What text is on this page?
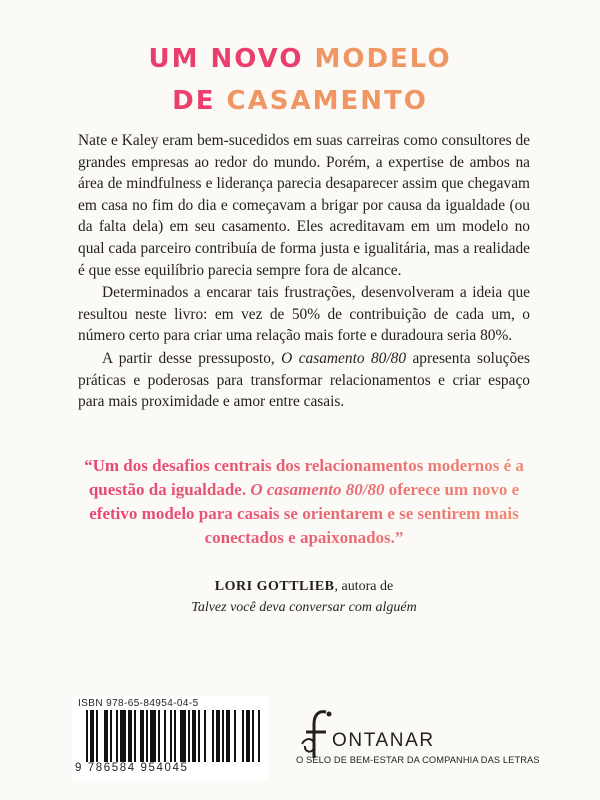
UM NOVO MODELO
DE CASAMENTO

Nate e Kaley eram bem-sucedidos em suas carreiras como consultores de grandes empresas ao redor do mundo. Porém, a expertise de ambos na área de mindfulness e liderança parecia desaparecer assim que chegavam em casa no fim do dia e começavam a brigar por causa da igualdade (ou da falta dela) em seu casamento. Eles acreditavam em um modelo no qual cada parceiro contribuía de forma justa e igualitária, mas a realidade é que esse equilíbrio parecia sempre fora de alcance.

Determinados a encarar tais frustrações, desenvolveram a ideia que resultou neste livro: em vez de 50% de contribuição de cada um, o número certo para criar uma relação mais forte e duradoura seria 80%.

A partir desse pressuposto, O casamento 80/80 apresenta soluções práticas e poderosas para transformar relacionamentos e criar espaço para mais proximidade e amor entre casais.

“Um dos desafios centrais dos relacionamentos modernos é a questão da igualdade. O casamento 80/80 oferece um novo e efetivo modelo para casais se orientarem e se sentirem mais conectados e apaixonados.”
LORI GOTTLIEB, autora de
Talvez você deva conversar com alguém
ISBN 978-65-84954-04-5
9 786584 954045
ONTANAR
O SELO DE BEM-ESTAR DA COMPANHIA DAS LETRAS
